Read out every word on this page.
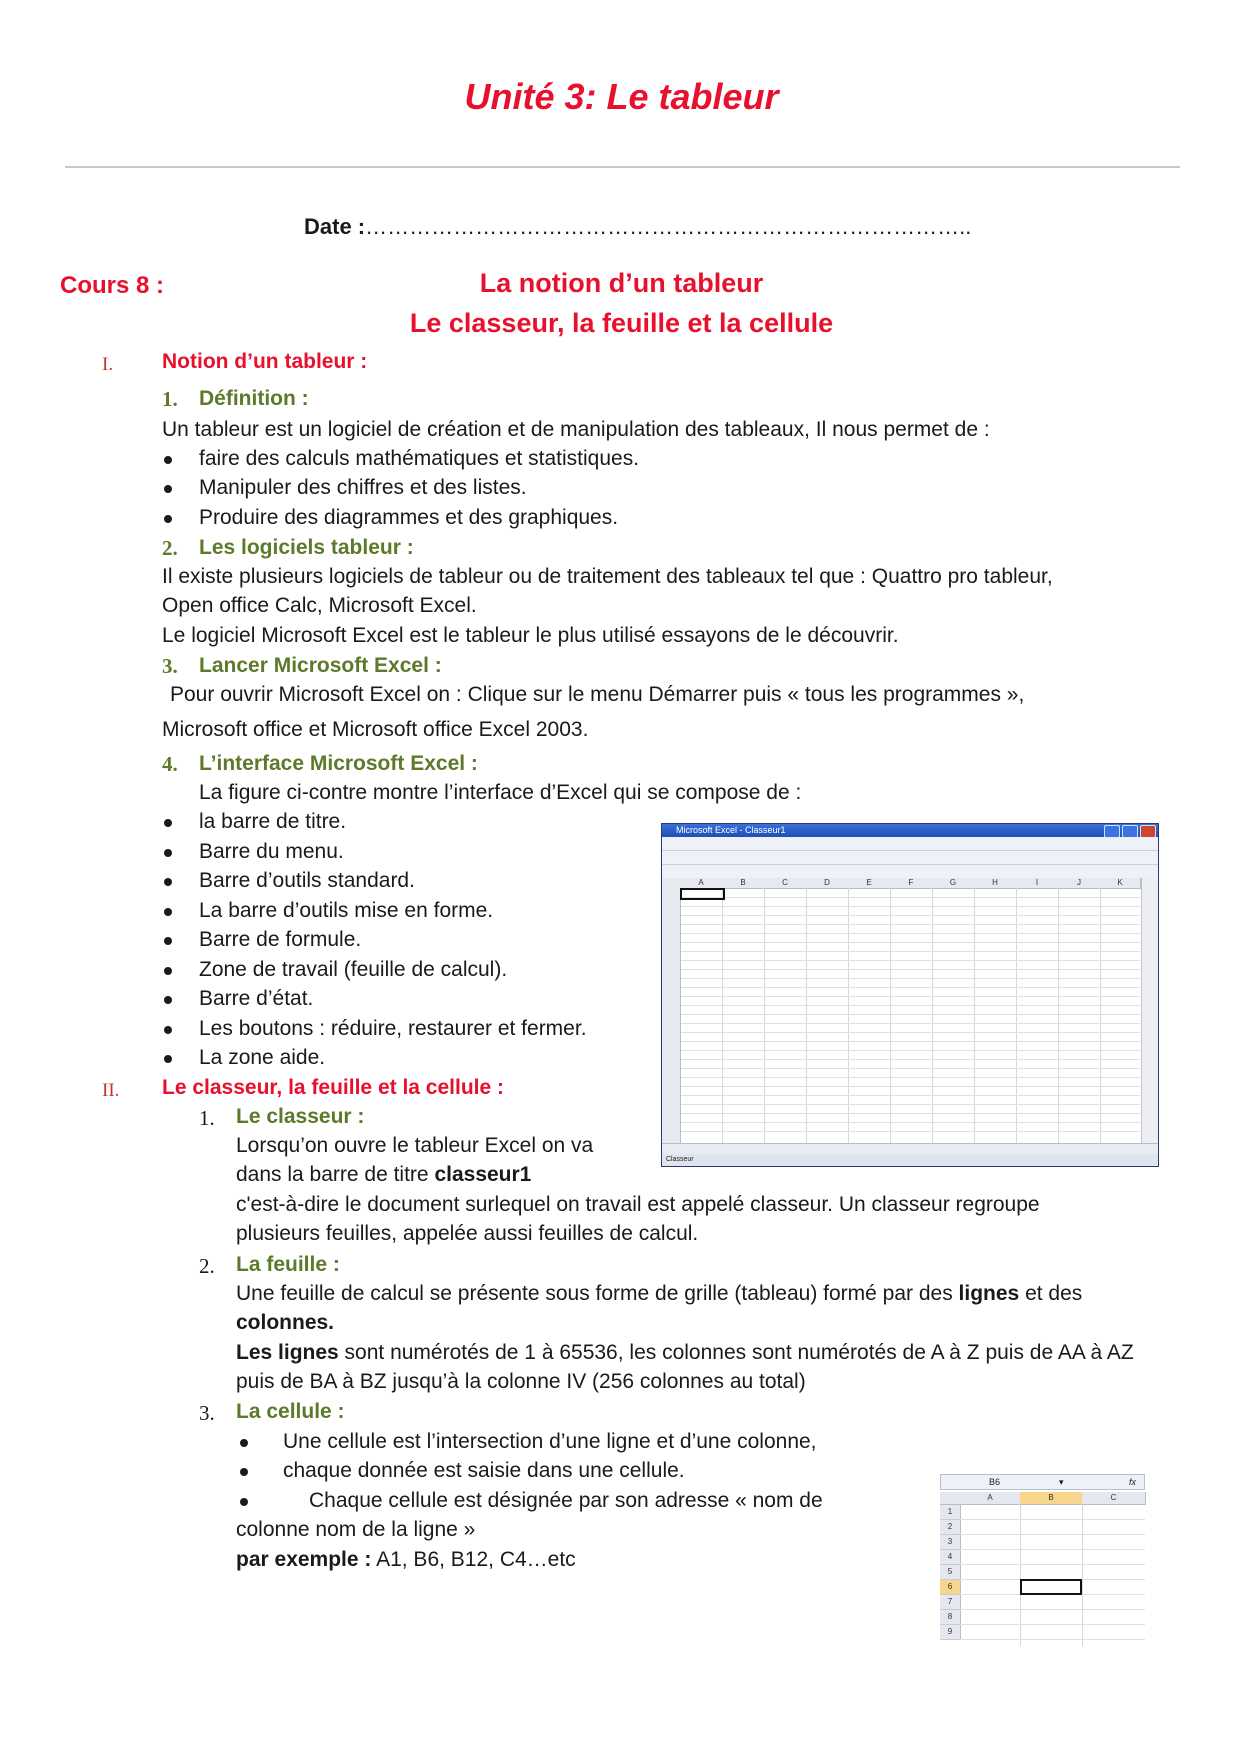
Unité 3: Le tableur
Date :………………………………………………………………………..
Cours 8 :	La notion d’un tableur
Le classeur, la feuille et la cellule
I. Notion d’un tableur :
1. Définition :
Un tableur est un logiciel de création et de manipulation des tableaux, Il nous permet de :
faire des calculs mathématiques et statistiques.
Manipuler des chiffres et des listes.
Produire des diagrammes et des graphiques.
2. Les logiciels tableur :
Il existe plusieurs logiciels de tableur ou de traitement des tableaux tel que : Quattro pro tableur,
Open office Calc, Microsoft Excel.
Le logiciel Microsoft Excel est le tableur le plus utilisé essayons de le découvrir.
3. Lancer Microsoft Excel :
Pour ouvrir Microsoft Excel on : Clique sur le menu Démarrer puis « tous les programmes »,
Microsoft office et Microsoft office Excel 2003.
4. L’interface Microsoft Excel :
La figure ci-contre montre l’interface d’Excel qui se compose de :
la barre de titre.
Barre du menu.
Barre d’outils standard.
La barre d’outils mise en forme.
Barre de formule.
Zone de travail (feuille de calcul).
Barre d’état.
Les boutons : réduire, restaurer et fermer.
La zone aide.
Microsoft Excel - Classeur1
A	B	C	D	E	F	G	H	I	J	K
Classeur
II. Le classeur, la feuille et la cellule :
1. Le classeur :
Lorsqu’on ouvre le tableur Excel on va
dans la barre de titre classeur1
c'est-à-dire le document surlequel on travail est appelé classeur. Un classeur regroupe
plusieurs feuilles, appelée aussi feuilles de calcul.
2. La feuille :
Une feuille de calcul se présente sous forme de grille (tableau) formé par des lignes et des
colonnes.
Les lignes sont numérotés de 1 à 65536, les colonnes sont numérotés de A à Z puis de AA à AZ
puis de BA à BZ jusqu’à la colonne IV (256 colonnes au total)
3. La cellule :
Une cellule est l’intersection d’une ligne et d’une colonne,
chaque donnée est saisie dans une cellule.
Chaque cellule est désignée par son adresse « nom de
colonne nom de la ligne »
par exemple : A1, B6, B12, C4…etc
B6	▾	fx
A	B	C
1
2
3
4
5
6
7
8
9
